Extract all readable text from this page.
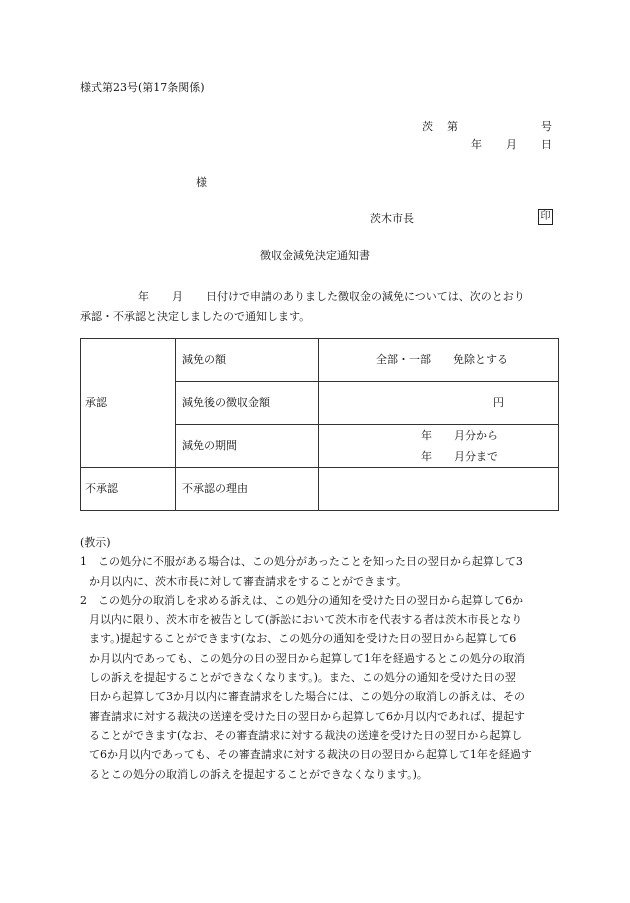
様式第23号(第17条関係)
茨 第	号
年 月 日
様
茨木市長	印
徴収金減免決定通知書
年 月 日付けで申請のありました徴収金の減免については、次のとおり
承認・不承認と決定しましたので通知します。
承認	減免の額	全部・一部 免除とする

	減免後の徴収金額	円

	減免の期間	年 月分から
年 月分まで

不承認	不承認の理由	
(教示)
1　この処分に不服がある場合は、この処分があったことを知った日の翌日から起算して3
か月以内に、茨木市長に対して審査請求をすることができます。
2　この処分の取消しを求める訴えは、この処分の通知を受けた日の翌日から起算して6か
月以内に限り、茨木市を被告として(訴訟において茨木市を代表する者は茨木市長となり
ます。)提起することができます(なお、この処分の通知を受けた日の翌日から起算して6
か月以内であっても、この処分の日の翌日から起算して1年を経過するとこの処分の取消
しの訴えを提起することができなくなります。)。また、この処分の通知を受けた日の翌
日から起算して3か月以内に審査請求をした場合には、この処分の取消しの訴えは、その
審査請求に対する裁決の送達を受けた日の翌日から起算して6か月以内であれば、提起す
ることができます(なお、その審査請求に対する裁決の送達を受けた日の翌日から起算し
て6か月以内であっても、その審査請求に対する裁決の日の翌日から起算して1年を経過す
るとこの処分の取消しの訴えを提起することができなくなります。)。
